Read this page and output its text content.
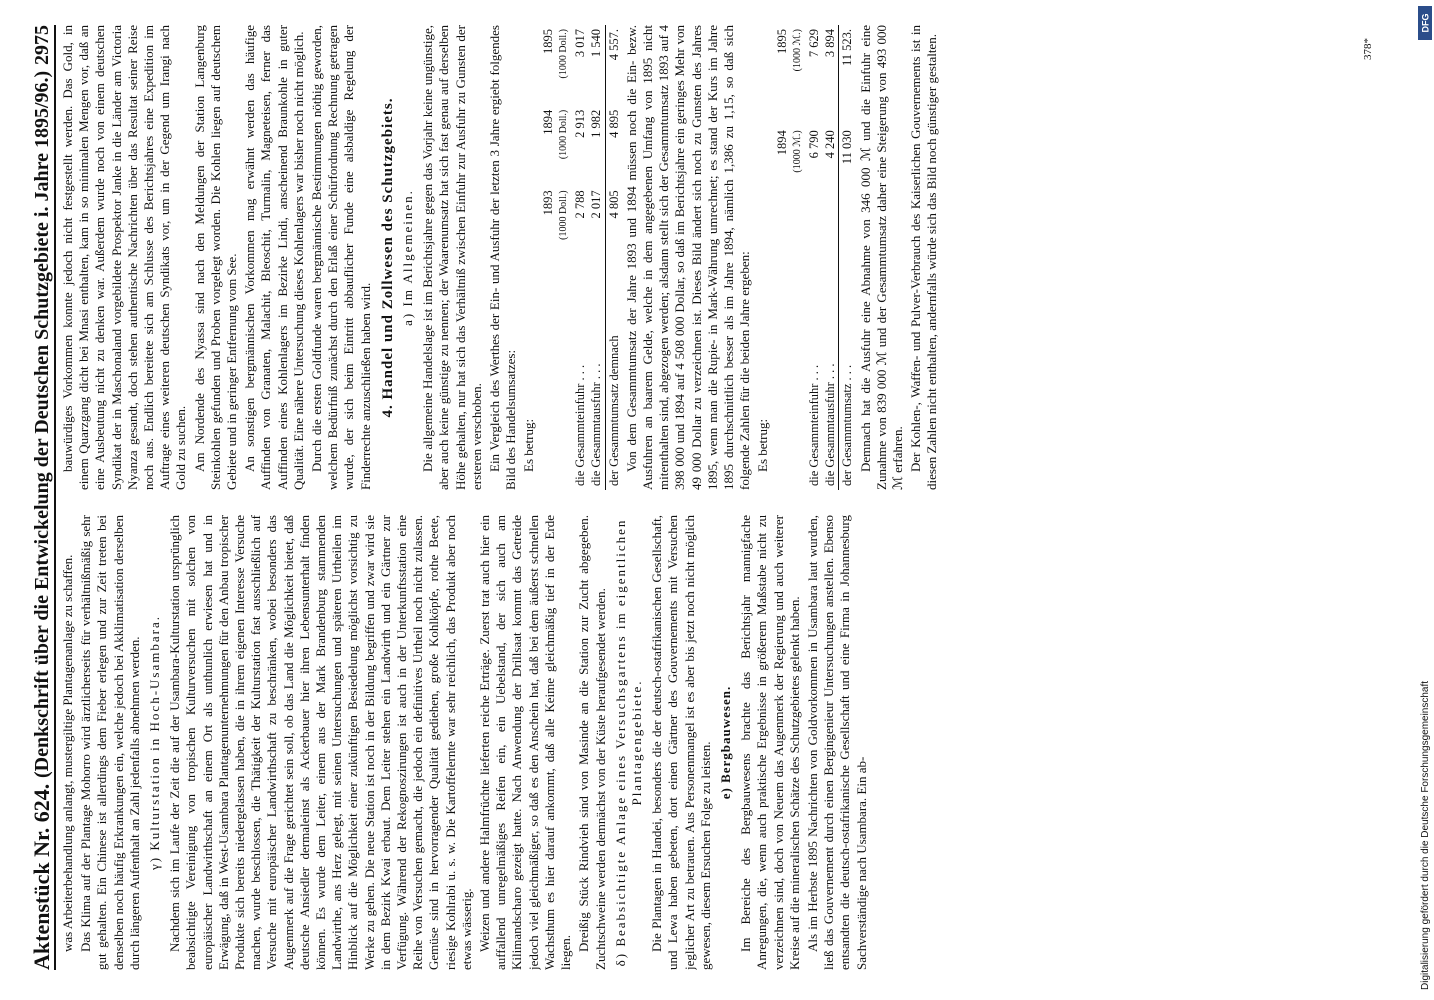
Aktenstück Nr. 624.
(Denkschrift über die Entwickelung der Deutschen Schutzgebiete i. Jahre 1895/96.)
2975

was Arbeiterbehandlung anlangt, mustergiltige Plantagenanlage zu schaffen. Das Klima auf der Plantage Mohorro wird ärztlicherseits für verhältnißmäßig sehr gut gehalten. Ein Chinese ist allerdings dem Fieber erlegen und zur Zeit treten bei denselben noch häufig Erkrankungen ein, welche jedoch bei Akklimatisation derselben durch längeren Aufenthalt an Zahl jedenfalls abnehmen werden. γ) Kulturstation in Hoch-Usambara. Nachdem sich im Laufe der Zeit die auf der Usambara-Kulturstation ursprünglich beabsichtigte Vereinigung von tropischen Kulturversuchen mit solchen von europäischer Landwirthschaft an einem Ort als unthunlich erwiesen hat und in Erwägung, daß in West-Usambara Plantagenunternehmungen für den Anbau tropischer Produkte sich bereits niedergelassen haben, die in ihrem eigenen Interesse Versuche machen, wurde beschlossen, die Thätigkeit der Kulturstation fast ausschließlich auf Versuche mit europäischer Landwirthschaft zu beschränken, wobei besonders das Augenmerk auf die Frage gerichtet sein soll, ob das Land die Möglichkeit bietet, daß deutsche Ansiedler dermaleinst als Ackerbauer hier ihren Lebensunterhalt finden können. Es wurde dem Leiter, einem aus der Mark Brandenburg stammenden Landwirthe, ans Herz gelegt, mit seinen Untersuchungen und späteren Urtheilen im Hinblick auf die Möglichkeit einer zukünftigen Besiedelung möglichst vorsichtig zu Werke zu gehen. Die neue Station ist noch in der Bildung begriffen und zwar wird sie in dem Bezirk Kwai erbaut. Dem Leiter stehen ein Landwirth und ein Gärtner zur Verfügung. Während der Rekognoszirungen ist auch in der Unterkunftsstation eine Reihe von Versuchen gemacht, die jedoch ein definitives Urtheil noch nicht zulassen. Gemüse sind in hervorragender Qualität gediehen, große Kohlköpfe, rothe Beete, riesige Kohlrabi u. s. w. Die Kartoffelernte war sehr reichlich, das Produkt aber noch etwas wässerig. Weizen und andere Halmfrüchte lieferten reiche Erträge. Zuerst trat auch hier ein auffallend unregelmäßiges Reifen ein, ein Uebelstand, der sich auch am Kilimandscharo gezeigt hatte. Nach Anwendung der Drillsaat kommt das Getreide jedoch viel gleichmäßiger, so daß es den Anschein hat, daß bei dem äußerst schnellen Wachsthum es hier darauf ankommt, daß alle Keime gleichmäßig tief in der Erde liegen.

Dreißig Stück Rindvieh sind von Masinde an die Station zur Zucht abgegeben. Zuchtschweine werden demnächst von der Küste heraufgesendet werden. δ) Beabsichtigte Anlage eines Versuchsgartens im eigentlichen Plantagengebiete. Die Plantagen in Handei, besonders die der deutsch-ostafrikanischen Gesellschaft, und Lewa haben gebeten, dort einen Gärtner des Gouvernements mit Versuchen jeglicher Art zu betrauen. Aus Personenmangel ist es aber bis jetzt noch nicht möglich gewesen, diesem Ersuchen Folge zu leisten. e) Bergbauwesen. Im Bereiche des Bergbauwesens brachte das Berichtsjahr mannigfache Anregungen, die, wenn auch praktische Ergebnisse in größerem Maßstabe nicht zu verzeichnen sind, doch von Neuem das Augenmerk der Regierung und auch weiterer Kreise auf die mineralischen Schätze des Schutzgebietes gelenkt haben. Als im Herbste 1895 Nachrichten von Goldvorkommen in Usambara laut wurden, ließ das Gouvernement durch einen Bergingenieur Untersuchungen anstellen. Ebenso entsandten die deutsch-ostafrikanische Gesellschaft und eine Firma in Johannesburg Sachverständige nach Usambara. Ein ab-

bauwürdiges Vorkommen konnte jedoch nicht festgestellt werden. Das Gold, in einem Quarzgang dicht bei Mnasi enthalten, kam in so minimalen Mengen vor, daß an eine Ausbeutung nicht zu denken war. Außerdem wurde noch von einem deutschen Syndikat der in Maschonaland vorgebildete Prospektor Janke in die Länder am Victoria Nyanza gesandt, doch stehen authentische Nachrichten über das Resultat seiner Reise noch aus. Endlich bereitete sich am Schlusse des Berichtsjahres eine Expedition im Auftrage eines weiteren deutschen Syndikats vor, um in der Gegend um Irangi nach Gold zu suchen. Am Nordende des Nyassa sind nach den Meldungen der Station Langenburg Steinkohlen gefunden und Proben vorgelegt worden. Die Kohlen liegen auf deutschem Gebiete und in geringer Entfernung vom See. An sonstigen bergmännischen Vorkommen mag erwähnt werden das häufige Auffinden von Granaten, Malachit, Bleoschit, Turmalin, Magneteisen, ferner das Auffinden eines Kohlenlagers im Bezirke Lindi, anscheinend Braunkohle in guter Qualität. Eine nähere Untersuchung dieses Kohlenlagers war bisher noch nicht möglich. Durch die ersten Goldfunde waren bergmännische Bestimmungen nöthig geworden, welchem Bedürfniß zunächst durch den Erlaß einer Schürfordnung Rechnung getragen wurde, der sich beim Eintritt abbauflicher Funde eine alsbaldige Regelung der Finderrechte anzuschließen haben wird. 4. Handel und Zollwesen des Schutzgebiets. a) Im Allgemeinen. Die allgemeine Handelslage ist im Berichtsjahre gegen das Vorjahr keine ungünstige, aber auch keine günstige zu nennen; der Waarenumsatz hat sich fast genau auf derselben Höhe gehalten, nur hat sich das Verhältniß zwischen Einfuhr zur Ausfuhr zu Gunsten der ersteren verschoben. Ein Vergleich des Werthes der Ein- und Ausfuhr der letzten 3 Jahre ergiebt folgendes Bild des Handelsumsatzes: Es betrug:

	1893	1894	1895
	(1000 Doll.)	(1000 Doll.)	(1000 Doll.)
die Gesammteinfuhr . . .	2 788	2 913	3 017
die Gesammtausfuhr . . .	2 017	1 982	1 540
der Gesammtumsatz demnach	4 805	4 895	4 557. Von dem Gesammtumsatz der Jahre 1893 und 1894 müssen noch die Ein- bezw. Ausfuhren an baarem Gelde, welche in dem angegebenen Umfang von 1895 nicht mitenthalten sind, abgezogen werden; alsdann stellt sich der Gesammtumsatz 1893 auf 4 398 000 und 1894 auf 4 508 000 Dollar, so daß im Berichtsjahre ein geringes Mehr von 49 000 Dollar zu verzeichnen ist. Dieses Bild ändert sich noch zu Gunsten des Jahres 1895, wenn man die Rupie- in Mark-Währung umrechnet; es stand der Kurs im Jahre 1895 durchschnittlich besser als im Jahre 1894, nämlich 1,386 zu 1,15, so daß sich folgende Zahlen für die beiden Jahre ergeben: Es betrug:

	1894	1895
	(1000 ℳ.)	(1000 ℳ.)
die Gesammteinfuhr . . .	6 790	7 629
die Gesammtausfuhr . . .	4 240	3 894
der Gesammtumsatz . . .	11 030	11 523. Demnach hat die Ausfuhr eine Abnahme von 346 000 ℳ und die Einfuhr eine Zunahme von 839 000 ℳ und der Gesammtumsatz daher eine Steigerung von 493 000 ℳ erfahren. Der Kohlen-, Waffen- und Pulver-Verbrauch des Kaiserlichen Gouvernements ist in diesen Zahlen nicht enthalten, andernfalls würde sich das Bild noch günstiger gestalten.	378*
DFG
Digitalisierung gefördert durch die Deutsche Forschungsgemeinschaft
